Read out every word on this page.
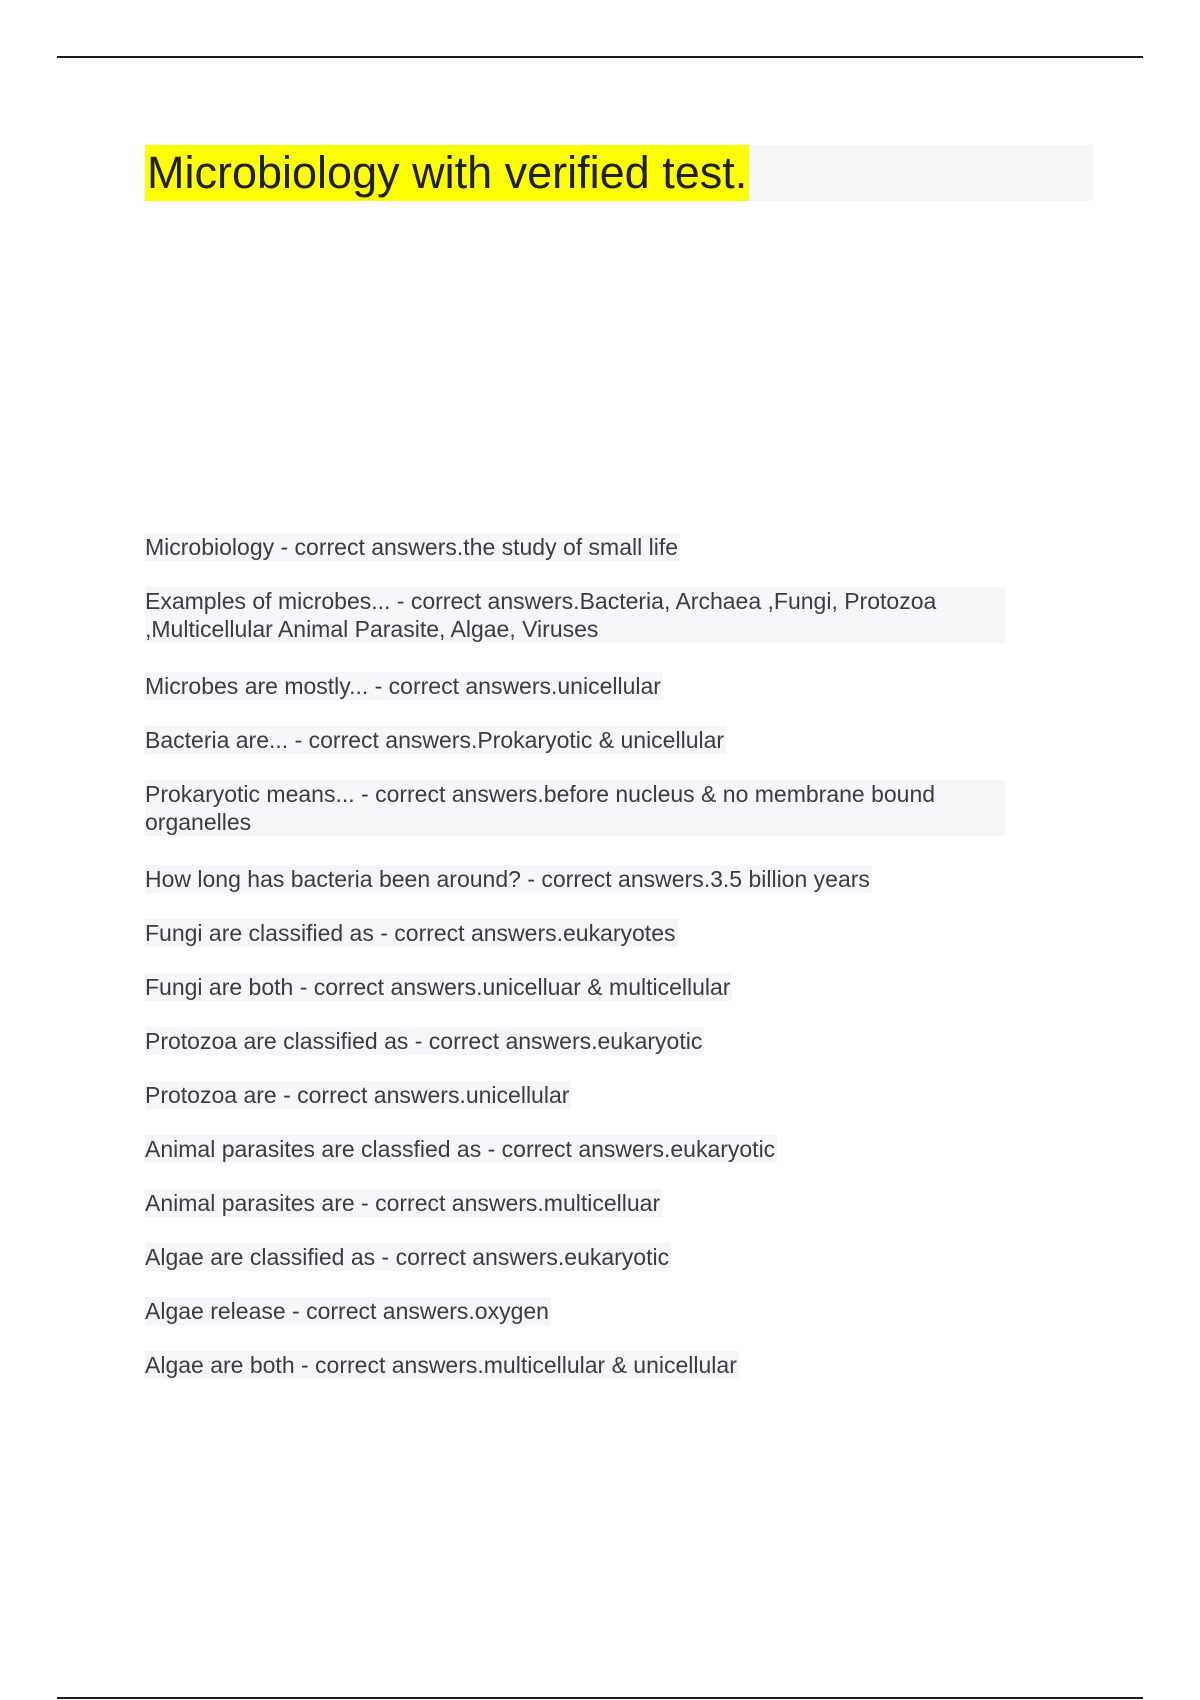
Microbiology with verified test.
Microbiology - correct answers.the study of small life
Examples of microbes... - correct answers.Bacteria, Archaea ,Fungi, Protozoa ,Multicellular Animal Parasite, Algae, Viruses
Microbes are mostly... - correct answers.unicellular
Bacteria are... - correct answers.Prokaryotic & unicellular
Prokaryotic means... - correct answers.before nucleus & no membrane bound organelles
How long has bacteria been around? - correct answers.3.5 billion years
Fungi are classified as - correct answers.eukaryotes
Fungi are both - correct answers.unicelluar & multicellular
Protozoa are classified as - correct answers.eukaryotic
Protozoa are - correct answers.unicellular
Animal parasites are classfied as - correct answers.eukaryotic
Animal parasites are - correct answers.multicelluar
Algae are classified as - correct answers.eukaryotic
Algae release - correct answers.oxygen
Algae are both - correct answers.multicellular & unicellular
